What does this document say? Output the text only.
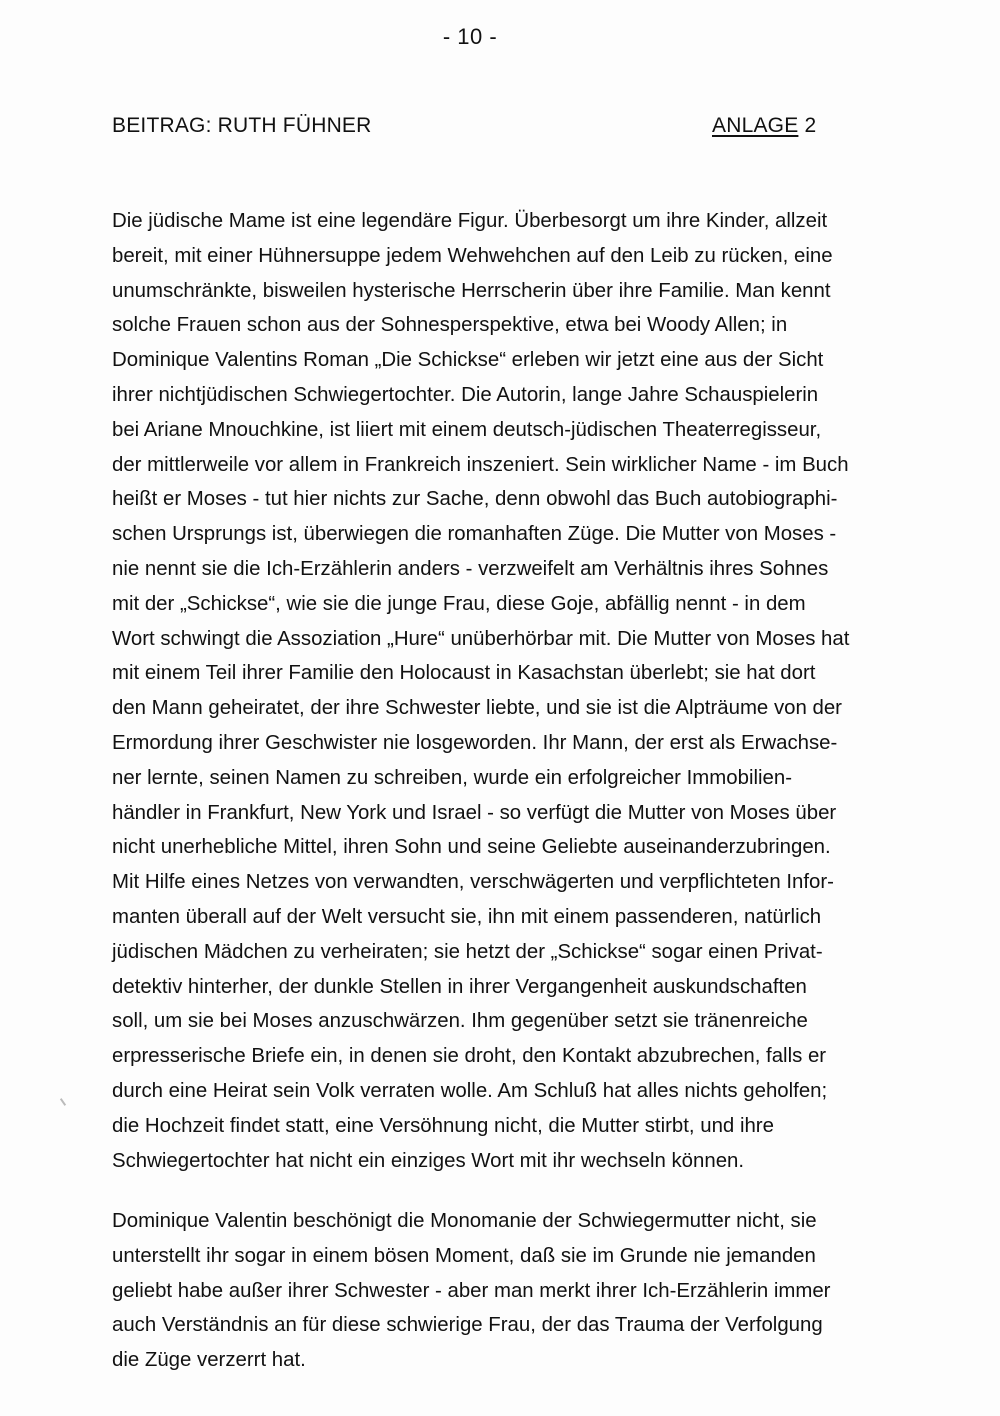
- 10 -
BEITRAG: RUTH FÜHNER	ANLAGE 2
Die jüdische Mame ist eine legendäre Figur. Überbesorgt um ihre Kinder, allzeit
bereit, mit einer Hühnersuppe jedem Wehwehchen auf den Leib zu rücken, eine
unumschränkte, bisweilen hysterische Herrscherin über ihre Familie. Man kennt
solche Frauen schon aus der Sohnesperspektive, etwa bei Woody Allen; in
Dominique Valentins Roman „Die Schickse“ erleben wir jetzt eine aus der Sicht
ihrer nichtjüdischen Schwiegertochter. Die Autorin, lange Jahre Schauspielerin
bei Ariane Mnouchkine, ist liiert mit einem deutsch-jüdischen Theaterregisseur,
der mittlerweile vor allem in Frankreich inszeniert. Sein wirklicher Name - im Buch
heißt er Moses - tut hier nichts zur Sache, denn obwohl das Buch autobiographi-
schen Ursprungs ist, überwiegen die romanhaften Züge. Die Mutter von Moses -
nie nennt sie die Ich-Erzählerin anders - verzweifelt am Verhältnis ihres Sohnes
mit der „Schickse“, wie sie die junge Frau, diese Goje, abfällig nennt - in dem
Wort schwingt die Assoziation „Hure“ unüberhörbar mit. Die Mutter von Moses hat
mit einem Teil ihrer Familie den Holocaust in Kasachstan überlebt; sie hat dort
den Mann geheiratet, der ihre Schwester liebte, und sie ist die Alpträume von der
Ermordung ihrer Geschwister nie losgeworden. Ihr Mann, der erst als Erwachse-
ner lernte, seinen Namen zu schreiben, wurde ein erfolgreicher Immobilien-
händler in Frankfurt, New York und Israel - so verfügt die Mutter von Moses über
nicht unerhebliche Mittel, ihren Sohn und seine Geliebte auseinanderzubringen.
Mit Hilfe eines Netzes von verwandten, verschwägerten und verpflichteten Infor-
manten überall auf der Welt versucht sie, ihn mit einem passenderen, natürlich
jüdischen Mädchen zu verheiraten; sie hetzt der „Schickse“ sogar einen Privat-
detektiv hinterher, der dunkle Stellen in ihrer Vergangenheit auskundschaften
soll, um sie bei Moses anzuschwärzen. Ihm gegenüber setzt sie tränenreiche
erpresserische Briefe ein, in denen sie droht, den Kontakt abzubrechen, falls er
durch eine Heirat sein Volk verraten wolle. Am Schluß hat alles nichts geholfen;
die Hochzeit findet statt, eine Versöhnung nicht, die Mutter stirbt, und ihre
Schwiegertochter hat nicht ein einziges Wort mit ihr wechseln können.
Dominique Valentin beschönigt die Monomanie der Schwiegermutter nicht, sie
unterstellt ihr sogar in einem bösen Moment, daß sie im Grunde nie jemanden
geliebt habe außer ihrer Schwester - aber man merkt ihrer Ich-Erzählerin immer
auch Verständnis an für diese schwierige Frau, der das Trauma der Verfolgung
die Züge verzerrt hat.
